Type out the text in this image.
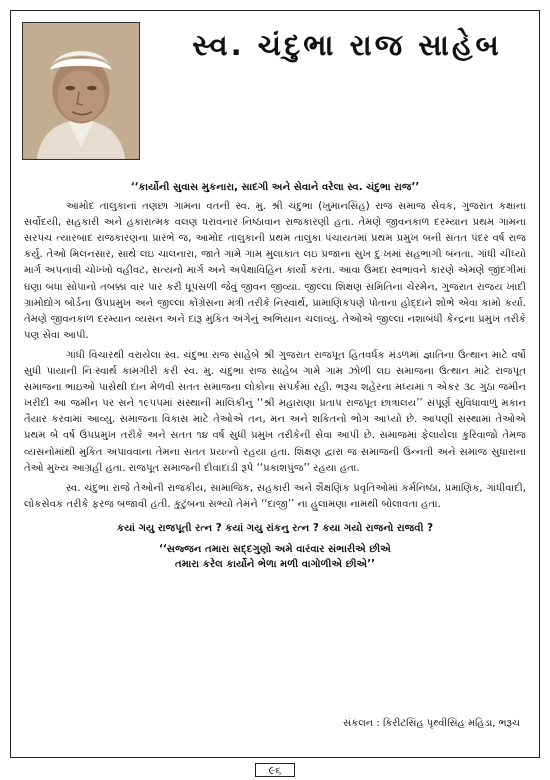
સ્વ. ચંદુભા રાજ સાહેબ

‘‘કાર્યોની સુવાસ મુકનારા, સાદગી અને સેવાને વરેલા સ્વ. ચંદુભા રાજ’’

આમોદ તાલુકાનાં તણછા ગામના વતની સ્વ. મુ. શ્રી ચંદુભા (ખુમાનસિંહ) રાજ સમાજ સેવક, ગુજરાત કક્ષાના સર્વોદયી, સહકારી અને હકારાત્મક વલણ ધરાવનાર નિષ્ઠાવાન રાજકારણી હતા. તેમણે જીવનકાળ દરમ્યાન પ્રથમ ગામના સરપંચ ત્યારબાદ રાજકારણના પ્રારંભે જ, આમોદ તાલુકાની પ્રથમ તાલુકા પંચાયતમાં પ્રથમ પ્રમુખ બની સતત પંદર વર્ષ રાજ કર્યુ. તેઓ મિલનસાર, સાથે લઇ ચાલનારા, જાતે ગામે ગામ મુલાકાત લઇ પ્રજાના સુખ દુઃખમાં સહભાગી બનતા. ગાંધી ચીધ્યો માર્ગ અપનાવી ચોખ્ખો વહીવટ, સત્યનો માર્ગ અને અપેક્ષાવિહિન કાર્યો કરતા. આવા ઉમદા સ્વભાવને કારણે એમણે જીંદગીમાં ઘણા બધા સોપાનો તબક્કા વાર પાર કરી ધૂપસળી જેવું જીવન જીવ્યા. જીલ્લા શિક્ષણ સમિતિના ચેરમેન, ગુજરાત રાજય ખાદી ગ્રામોદ્યોગ બોર્ડના ઉપપ્રમુખ અને જીલ્લા કોંગ્રેસના મંત્રી તરીકે નિસ્વાર્થ, પ્રામાણિકપણે પોતાના હોદ્દાને શોભે એવા કામો કર્યા. તેમણે જીવનકાળ દરમ્યાન વ્યસન અને દારૂ મુકિત અંગેનું અભિયાન ચલાવ્યુ. તેઓએ જીલ્લા નશાબંધી કેન્દ્રના પ્રમુખ તરીકે પણ સેવા આપી.

ગાંધી વિચારથી વરાયેલા સ્વ. ચંદુભા રાજ સાહેબે શ્રી ગુજરાત રાજપૂત હિતવર્ધક મંડળમાં જ્ઞાતિના ઉત્થાન માટે વર્ષો સુધી પાયાની નિઃસ્વાર્થ કામગીરી કરી સ્વ. મુ. ચંદુભા રાજ સાહેબ ગામે ગામ ઝોળી લઇ સમાજના ઉત્થાન માટે રાજપૂત સમાજના ભાઇઓ પાસેથી દાન મેળવી સતત સમાજના લોકોના સંપર્કમાં રહી. ભરૂચ શહેરના મધ્યમાં ૧ એકર ૩૮ ગુંઠા જમીન ખરીદી આ જમીન પર સને ૧૯૫૫માં સંસ્થાની માલિકીનું ‘‘શ્રી મહારાણા પ્રતાપ રાજપૂત છાત્રાલય’’ સંપૂર્ણ સુવિધાવાળું મકાન તૈયાર કરવામાં આવ્યુ. સમાજના વિકાસ માટે તેઓએ તન, મન અને શકિતનો ભોગ આપ્યો છે. આપણી સંસ્થામાં તેઓએ પ્રથમ બે વર્ષ ઉપપ્રમુખ તરીકે અને સતત ૧૪ વર્ષ સુધી પ્રમુખ તરીકેની સેવા આપી છે. સમાજમાં ફેલાયેલા કુરિવાજો તેમજ વ્યસનોમાંથી મુકિત અપાવવાના તેમના સતત પ્રયત્નો રહયા હતા. શિક્ષણ દ્વારા જ સમાજની ઉન્નતી અને સમાજ સુધારાના તેઓ મુખ્ય આગ્રહી હતા. રાજપૂત સમાજની દીવાદાંડી રૂપે ‘‘પ્રકાશપુંજ’’ રહયા હતા.

સ્વ. ચંદુભા રાજે તેઓની રાજકીય, સામાજિક, સહકારી અને શૈક્ષણિક પ્રવૃતિઓમાં કર્મનિષ્ઠા, પ્રમાણિક, ગાંધીવાદી, લોકસેવક તરીકે ફરજ બજાવી હતી. કુટુંબના સભ્યો તેમને ‘‘દાજી’’ ના હુલામણા નામથી બોલાવતા હતા.

કયાં ગયુ રાજપૂતી રત્ન ? કયાં ગયુ રાંકનુ રત્ન ? કયા ગયો રાજનો રાજવી ?

‘‘સજ્જન તમારા સદ્દગુણો અમે વારંવાર સંભારીએ છીએ

તમારા કરેલ કાર્યોને ભેળા મળી વાગોળીએ છીએ’’

સંકલન : કિરીટસિંહ પૃથ્વીસિંહ મહિડા, ભરૂચ
૯૬
